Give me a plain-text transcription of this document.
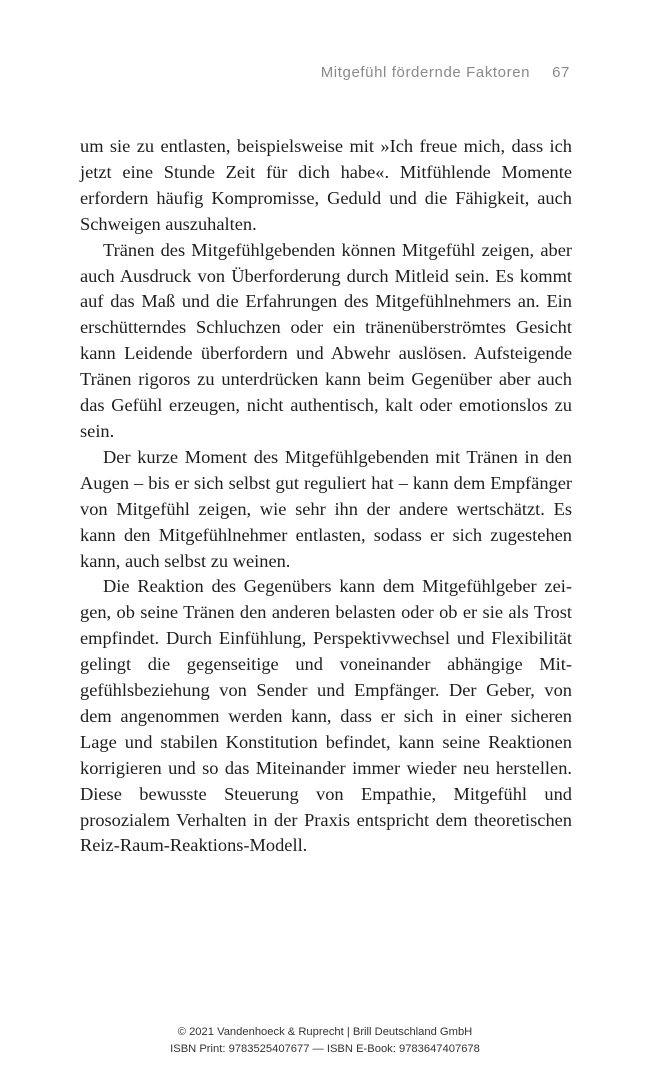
Mitgefühl fördernde Faktoren 67

um sie zu entlasten, beispielsweise mit »Ich freue mich, dass ich jetzt eine Stunde Zeit für dich habe«. Mitfühlende Momente erfordern häufig Kompromisse, Geduld und die Fähigkeit, auch Schweigen auszuhalten.

Tränen des Mitgefühlgebenden können Mitgefühl zeigen, aber auch Ausdruck von Überforderung durch Mitleid sein. Es kommt auf das Maß und die Erfahrungen des Mitgefühlnehmers an. Ein erschütterndes Schluchzen oder ein tränenüberströmtes Gesicht kann Leidende überfordern und Abwehr auslösen. Aufsteigende Tränen rigoros zu unterdrücken kann beim Gegenüber aber auch das Gefühl erzeugen, nicht authentisch, kalt oder emotionslos zu sein.

Der kurze Moment des Mitgefühlgebenden mit Tränen in den Augen – bis er sich selbst gut reguliert hat – kann dem Empfänger von Mitgefühl zeigen, wie sehr ihn der andere wertschätzt. Es kann den Mitgefühlnehmer entlasten, sodass er sich zugestehen kann, auch selbst zu weinen.

Die Reaktion des Gegenübers kann dem Mitgefühlgeber zeigen, ob seine Tränen den anderen belasten oder ob er sie als Trost empfindet. Durch Einfühlung, Perspektivwechsel und Flexibilität gelingt die gegenseitige und voneinander abhängige Mitgefühlsbeziehung von Sender und Empfänger. Der Geber, von dem angenommen werden kann, dass er sich in einer sicheren Lage und stabilen Konstitution befindet, kann seine Reaktionen korrigieren und so das Miteinander immer wieder neu herstellen. Diese bewusste Steuerung von Empathie, Mitgefühl und prosozialem Verhalten in der Praxis entspricht dem theoretischen Reiz-Raum-Reaktions-Modell.

© 2021 Vandenhoeck & Ruprecht | Brill Deutschland GmbH
ISBN Print: 9783525407677 — ISBN E-Book: 9783647407678
